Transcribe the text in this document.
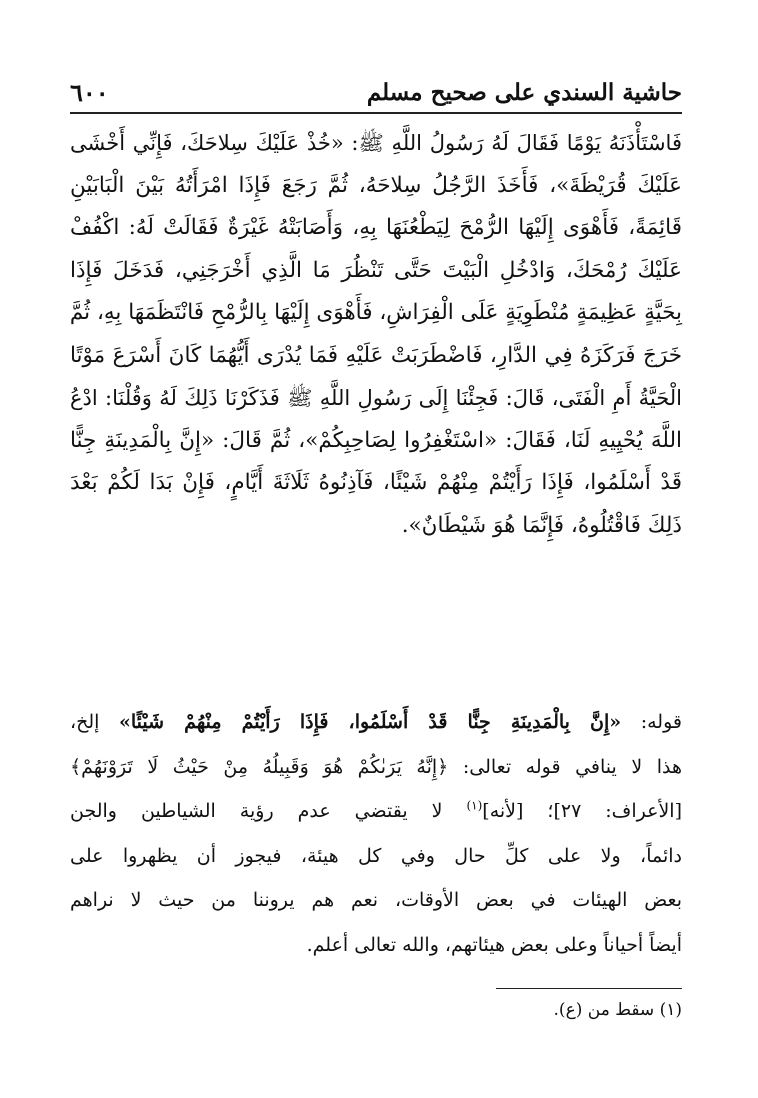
حاشية السندي على صحيح مسلم
٦٠٠
فَاسْتَأْذَنَهُ يَوْمًا فَقَالَ لَهُ رَسُولُ اللَّهِ ﷺ: «خُذْ عَلَيْكَ سِلاحَكَ، فَإِنِّي أَخْشَى
عَلَيْكَ قُرَيْظَةَ»، فَأَخَذَ الرَّجُلُ سِلاحَهُ، ثُمَّ رَجَعَ فَإِذَا امْرَأَتُهُ بَيْنَ الْبَابَيْنِ
قَائِمَةً، فَأَهْوَى إِلَيْهَا الرُّمْحَ لِيَطْعُنَهَا بِهِ، وَأَصَابَتْهُ غَيْرَةٌ فَقَالَتْ لَهُ: اكْفُفْ
عَلَيْكَ رُمْحَكَ، وَادْخُلِ الْبَيْتَ حَتَّى تَنْظُرَ مَا الَّذِي أَخْرَجَنِي، فَدَخَلَ فَإِذَا
بِحَيَّةٍ عَظِيمَةٍ مُنْطَوِيَةٍ عَلَى الْفِرَاشِ، فَأَهْوَى إِلَيْهَا بِالرُّمْحِ فَانْتَظَمَهَا بِهِ، ثُمَّ
خَرَجَ فَرَكَزَهُ فِي الدَّارِ، فَاضْطَرَبَتْ عَلَيْهِ فَمَا يُدْرَى أَيُّهُمَا كَانَ أَسْرَعَ مَوْتًا
الْحَيَّةُ أَمِ الْفَتَى، قَالَ: فَجِئْنَا إِلَى رَسُولِ اللَّهِ ﷺ فَذَكَرْنَا ذَلِكَ لَهُ وَقُلْنَا: ادْعُ
اللَّهَ يُحْيِيهِ لَنَا، فَقَالَ: «اسْتَغْفِرُوا لِصَاحِبِكُمْ»، ثُمَّ قَالَ: «إِنَّ بِالْمَدِينَةِ جِنًّا
قَدْ أَسْلَمُوا، فَإِذَا رَأَيْتُمْ مِنْهُمْ شَيْئًا، فَآذِنُوهُ ثَلَاثَةَ أَيَّامٍ، فَإِنْ بَدَا لَكُمْ بَعْدَ
ذَلِكَ فَاقْتُلُوهُ، فَإِنَّمَا هُوَ شَيْطَانٌ».
قوله: «إِنَّ بِالْمَدِينَةِ جِنًّا قَدْ أَسْلَمُوا، فَإِذَا رَأَيْتُمْ مِنْهُمْ شَيْئًا» إلخ،
هذا لا ينافي قوله تعالى: ﴿إِنَّهُ يَرَىٰكُمْ هُوَ وَقَبِيلُهُ مِنْ حَيْثُ لَا تَرَوْنَهُمْ﴾
[الأعراف: ٢٧]؛ [لأنه]$^{(١)}$ لا يقتضي عدم رؤية الشياطين والجن
دائماً، ولا على كلِّ حال وفي كل هيئة، فيجوز أن يظهروا على
بعض الهيئات في بعض الأوقات، نعم هم يروننا من حيث لا نراهم
أيضاً أحياناً وعلى بعض هيئاتهم، والله تعالى أعلم.
(١) سقط من (ع).
